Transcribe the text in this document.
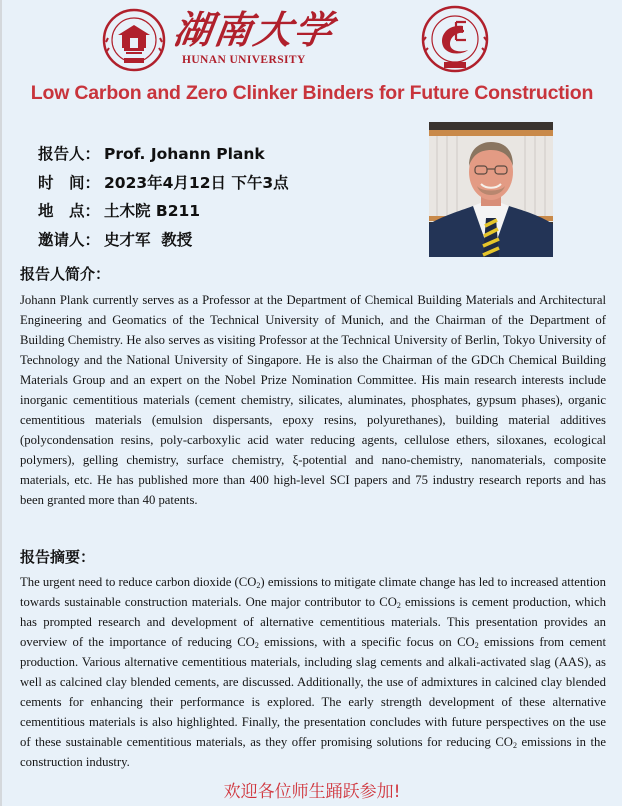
湖南大学
HUNAN UNIVERSITY
Low Carbon and Zero Clinker Binders for Future Construction
报告人： Prof. Johann Plank
时　间： 2023年4月12日 下午3点
地　点： 土木院 B211
邀请人： 史才军  教授
报告人简介：
Johann Plank currently serves as a Professor at the Department of Chemical Building Materials and Architectural Engineering and Geomatics of the Technical University of Munich, and the Chairman of the Department of Building Chemistry. He also serves as visiting Professor at the Technical University of Berlin, Tokyo University of Technology and the National University of Singapore. He is also the Chairman of the GDCh Chemical Building Materials Group and an expert on the Nobel Prize Nomination Committee. His main research interests include inorganic cementitious materials (cement chemistry, silicates, aluminates, phosphates, gypsum phases), organic cementitious materials (emulsion dispersants, epoxy resins, polyurethanes), building material additives (polycondensation resins, poly-carboxylic acid water reducing agents, cellulose ethers, siloxanes, ecological polymers), gelling chemistry, surface chemistry, ξ-potential and nano-chemistry, nanomaterials, composite materials, etc. He has published more than 400 high-level SCI papers and 75 industry research reports and has been granted more than 40 patents.
报告摘要：
The urgent need to reduce carbon dioxide $(CO_2)$ emissions to mitigate climate change has led to increased attention towards sustainable construction materials. One major contributor to $CO_2$ emissions is cement production, which has prompted research and development of alternative cementitious materials. This presentation provides an overview of the importance of reducing $CO_2$ emissions, with a specific focus on $CO_2$ emissions from cement production. Various alternative cementitious materials, including slag cements and alkali-activated slag (AAS), as well as calcined clay blended cements, are discussed. Additionally, the use of admixtures in calcined clay blended cements for enhancing their performance is explored. The early strength development of these alternative cementitious materials is also highlighted. Finally, the presentation concludes with future perspectives on the use of these sustainable cementitious materials, as they offer promising solutions for reducing $CO_2$ emissions in the construction industry.
欢迎各位师生踊跃参加!
